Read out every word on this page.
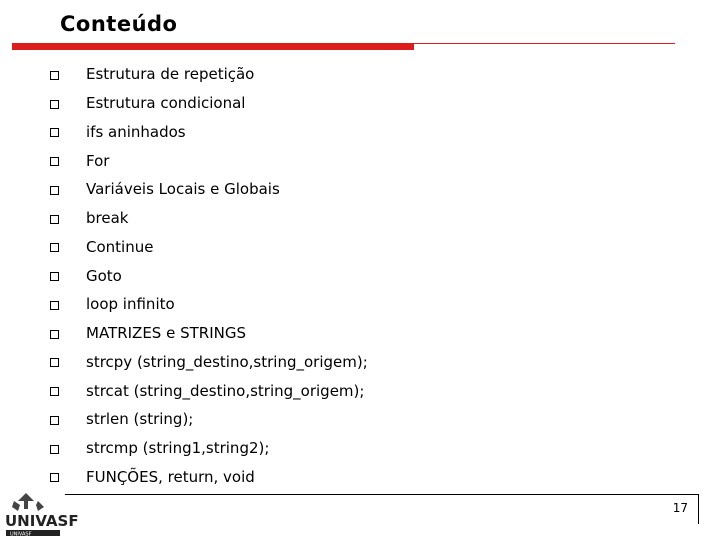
Conteúdo
Estrutura de repetição
Estrutura condicional
ifs aninhados
For
Variáveis Locais e Globais
break
Continue
Goto
loop infinito
MATRIZES e STRINGS
strcpy (string_destino,string_origem);
strcat (string_destino,string_origem);
strlen (string);
strcmp (string1,string2);
FUNÇÕES, return, void
UNIVASF
UNIVASF
17
